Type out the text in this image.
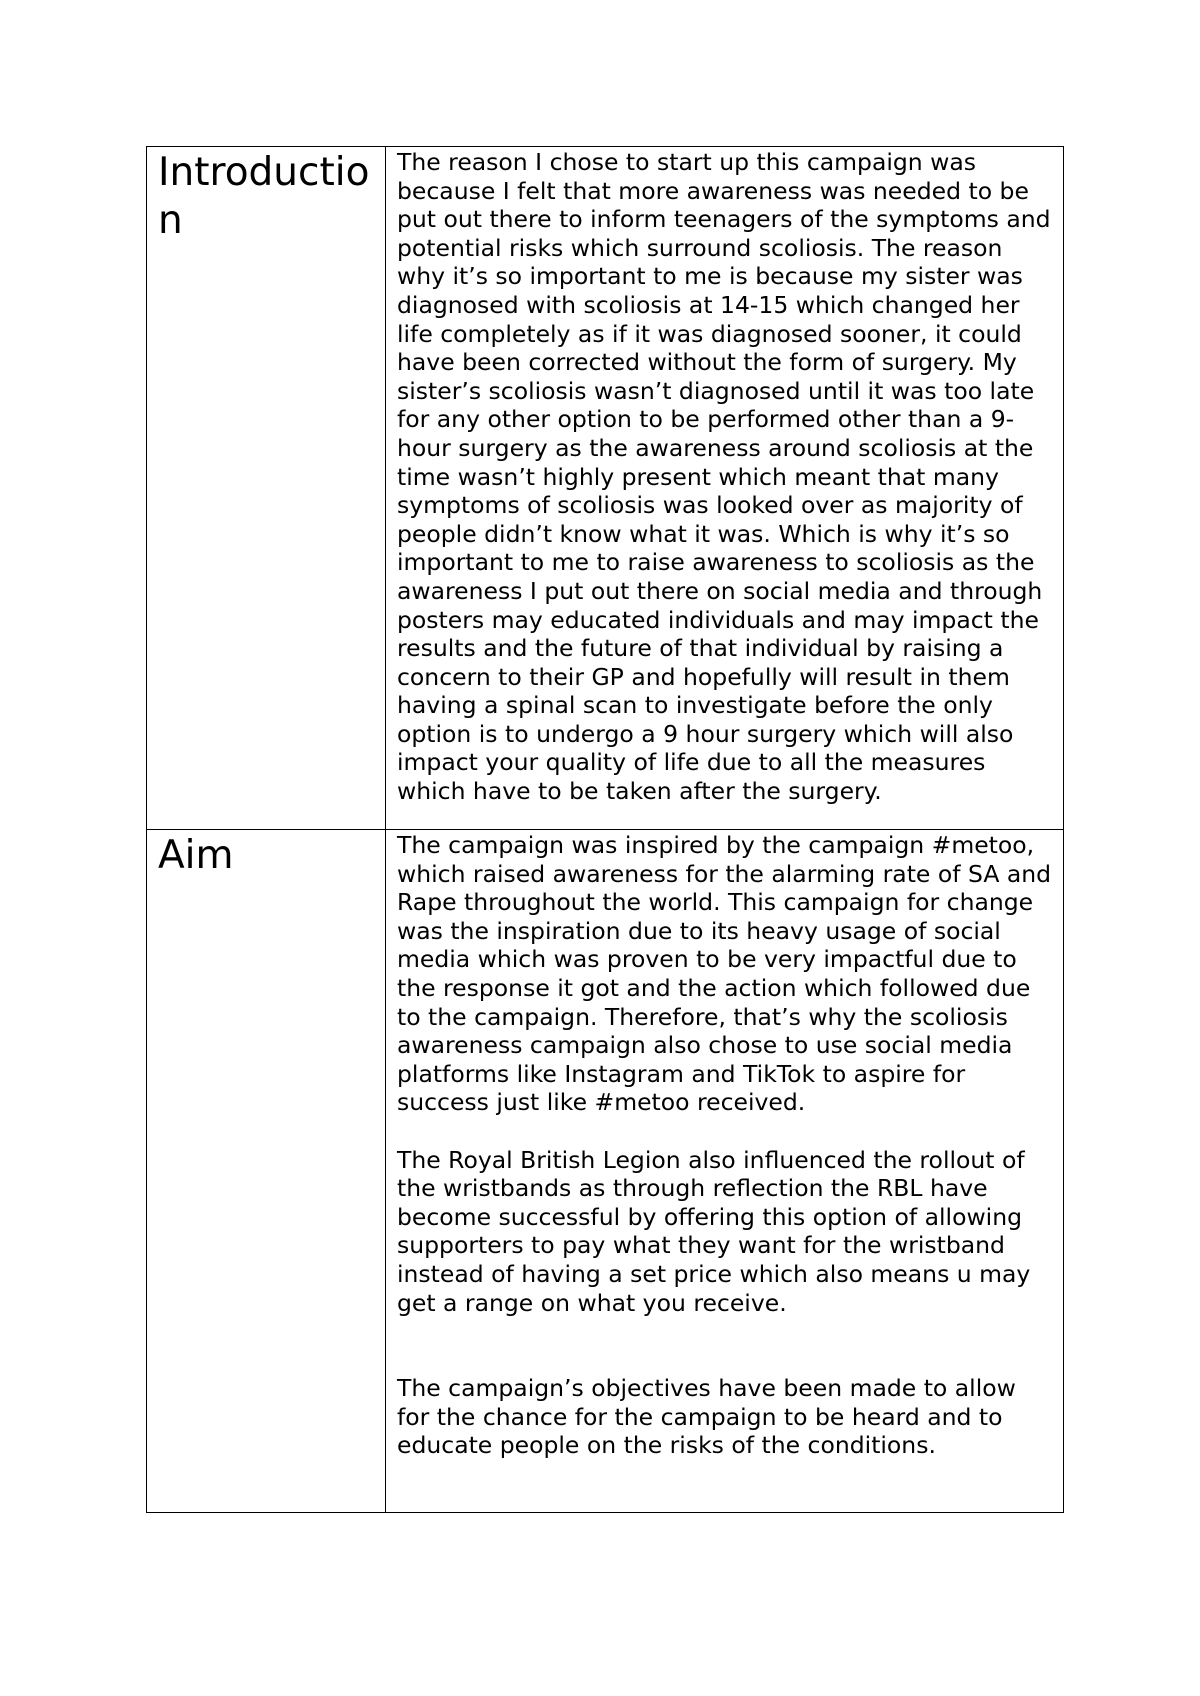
Introduction	The reason I chose to start up this campaign was because I felt that more awareness was needed to be put out there to inform teenagers of the symptoms and potential risks which surround scoliosis. The reason why it’s so important to me is because my sister was diagnosed with scoliosis at 14-15 which changed her life completely as if it was diagnosed sooner, it could have been corrected without the form of surgery. My sister’s scoliosis wasn’t diagnosed until it was too late for any other option to be performed other than a 9-hour surgery as the awareness around scoliosis at the time wasn’t highly present which meant that many symptoms of scoliosis was looked over as majority of people didn’t know what it was. Which is why it’s so important to me to raise awareness to scoliosis as the awareness I put out there on social media and through posters may educated individuals and may impact the results and the future of that individual by raising a concern to their GP and hopefully will result in them having a spinal scan to investigate before the only option is to undergo a 9 hour surgery which will also impact your quality of life due to all the measures which have to be taken after the surgery.

Aim	The campaign was inspired by the campaign #metoo, which raised awareness for the alarming rate of SA and Rape throughout the world. This campaign for change was the inspiration due to its heavy usage of social media which was proven to be very impactful due to the response it got and the action which followed due to the campaign. Therefore, that’s why the scoliosis awareness campaign also chose to use social media platforms like Instagram and TikTok to aspire for success just like #metoo received.

The Royal British Legion also influenced the rollout of the wristbands as through reflection the RBL have become successful by offering this option of allowing supporters to pay what they want for the wristband instead of having a set price which also means u may get a range on what you receive.

The campaign’s objectives have been made to allow for the chance for the campaign to be heard and to educate people on the risks of the conditions.
